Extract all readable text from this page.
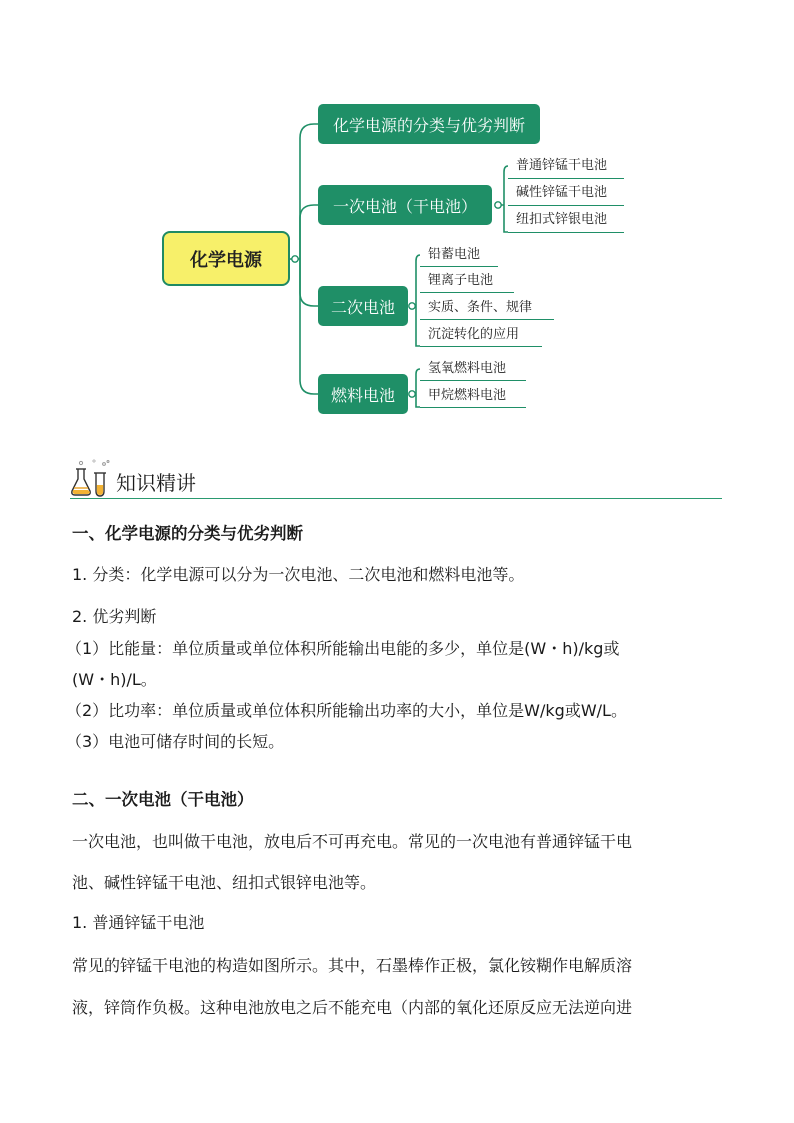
化学电源
化学电源的分类与优劣判断
一次电池（干电池）
二次电池
燃料电池
普通锌锰干电池
碱性锌锰干电池
纽扣式锌银电池
铅蓄电池
锂离子电池
实质、条件、规律
沉淀转化的应用
氢氧燃料电池
甲烷燃料电池
知识精讲
一、化学电源的分类与优劣判断
1. 分类：化学电源可以分为一次电池、二次电池和燃料电池等。
2. 优劣判断
（1）比能量：单位质量或单位体积所能输出电能的多少，单位是(W・h)/kg或
(W・h)/L。
（2）比功率：单位质量或单位体积所能输出功率的大小，单位是W/kg或W/L。
（3）电池可储存时间的长短。
二、一次电池（干电池）
一次电池，也叫做干电池，放电后不可再充电。常见的一次电池有普通锌锰干电
池、碱性锌锰干电池、纽扣式银锌电池等。
1. 普通锌锰干电池
常见的锌锰干电池的构造如图所示。其中，石墨棒作正极，氯化铵糊作电解质溶
液，锌筒作负极。这种电池放电之后不能充电（内部的氧化还原反应无法逆向进
